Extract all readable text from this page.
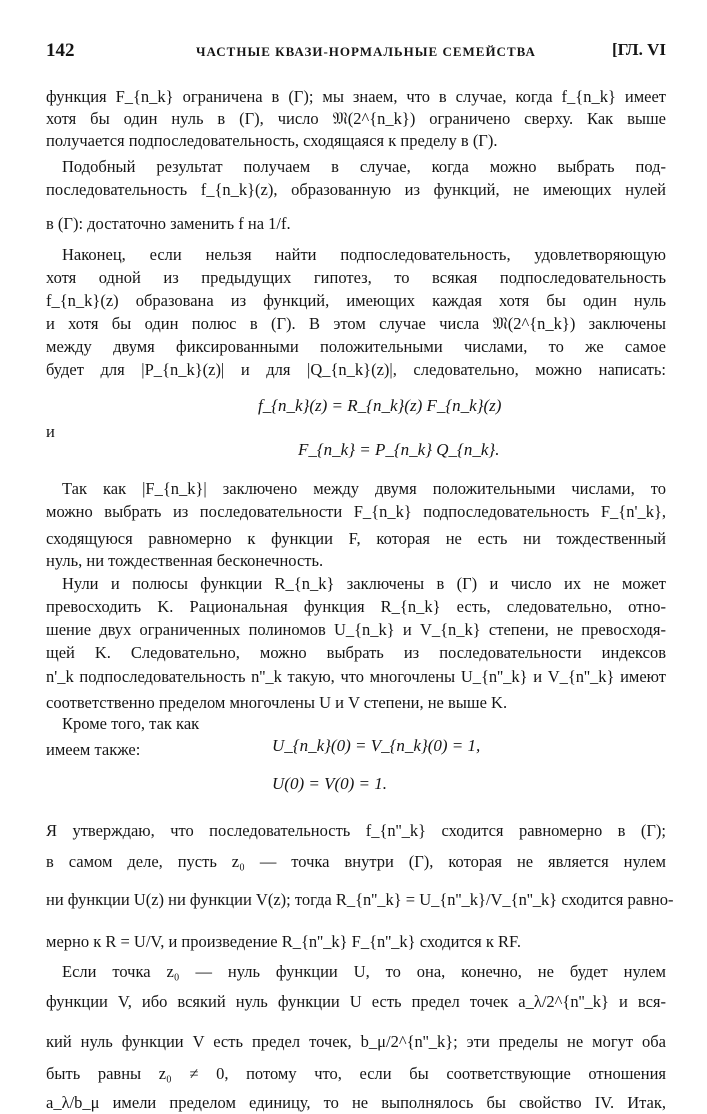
142	ЧАСТНЫЕ КВАЗИ-НОРМАЛЬНЫЕ СЕМЕЙСТВА	[ГЛ. VI
функция F_{n_k} ограничена в (Γ); мы знаем, что в случае, когда f_{n_k} имеет
хотя бы один нуль в (Γ), число 𝔐(2^{n_k}) ограничено сверху. Как выше
получается подпоследовательность, сходящаяся к пределу в (Γ).
Подобный результат получаем в случае, когда можно выбрать под-
последовательность f_{n_k}(z), образованную из функций, не имеющих нулей
в (Γ): достаточно заменить f на 1/f.
Наконец, если нельзя найти подпоследовательность, удовлетворяющую
хотя одной из предыдущих гипотез, то всякая подпоследовательность
f_{n_k}(z) образована из функций, имеющих каждая хотя бы один нуль
и хотя бы один полюс в (Γ). В этом случае числа 𝔐(2^{n_k}) заключены
между двумя фиксированными положительными числами, то же самое
будет для |P_{n_k}(z)| и для |Q_{n_k}(z)|, следовательно, можно написать:
f_{n_k}(z) = R_{n_k}(z) F_{n_k}(z)
и
F_{n_k} = P_{n_k} Q_{n_k}.
Так как |F_{n_k}| заключено между двумя положительными числами, то
можно выбрать из последовательности F_{n_k} подпоследовательность F_{n'_k},
сходящуюся равномерно к функции F, которая не есть ни тождественный
нуль, ни тождественная бесконечность.
Нули и полюсы функции R_{n_k} заключены в (Γ) и число их не может
превосходить K. Рациональная функция R_{n_k} есть, следовательно, отно-
шение двух ограниченных полиномов U_{n_k} и V_{n_k} степени, не превосходя-
щей K. Следовательно, можно выбрать из последовательности индексов
n'_k подпоследовательность n''_k такую, что многочлены U_{n''_k} и V_{n''_k} имеют
соответственно пределом многочлены U и V степени, не выше K.
Кроме того, так как
U_{n_k}(0) = V_{n_k}(0) = 1,
имеем также:
U(0) = V(0) = 1.
Я утверждаю, что последовательность f_{n''_k} сходится равномерно в (Γ);
в самом деле, пусть z₀ — точка внутри (Γ), которая не является нулем
ни функции U(z) ни функции V(z); тогда R_{n''_k} = U_{n''_k}/V_{n''_k} сходится равно-
мерно к R = U/V, и произведение R_{n''_k} F_{n''_k} сходится к RF.
Если точка z₀ — нуль функции U, то она, конечно, не будет нулем
функции V, ибо всякий нуль функции U есть предел точек a_λ/2^{n''_k} и вся-
кий нуль функции V есть предел точек, b_μ/2^{n''_k}; эти пределы не могут оба
быть равны z₀ ≠ 0, потому что, если бы соответствующие отношения
a_λ/b_μ имели пределом единицу, то не выполнялось бы свойство IV. Итак,
